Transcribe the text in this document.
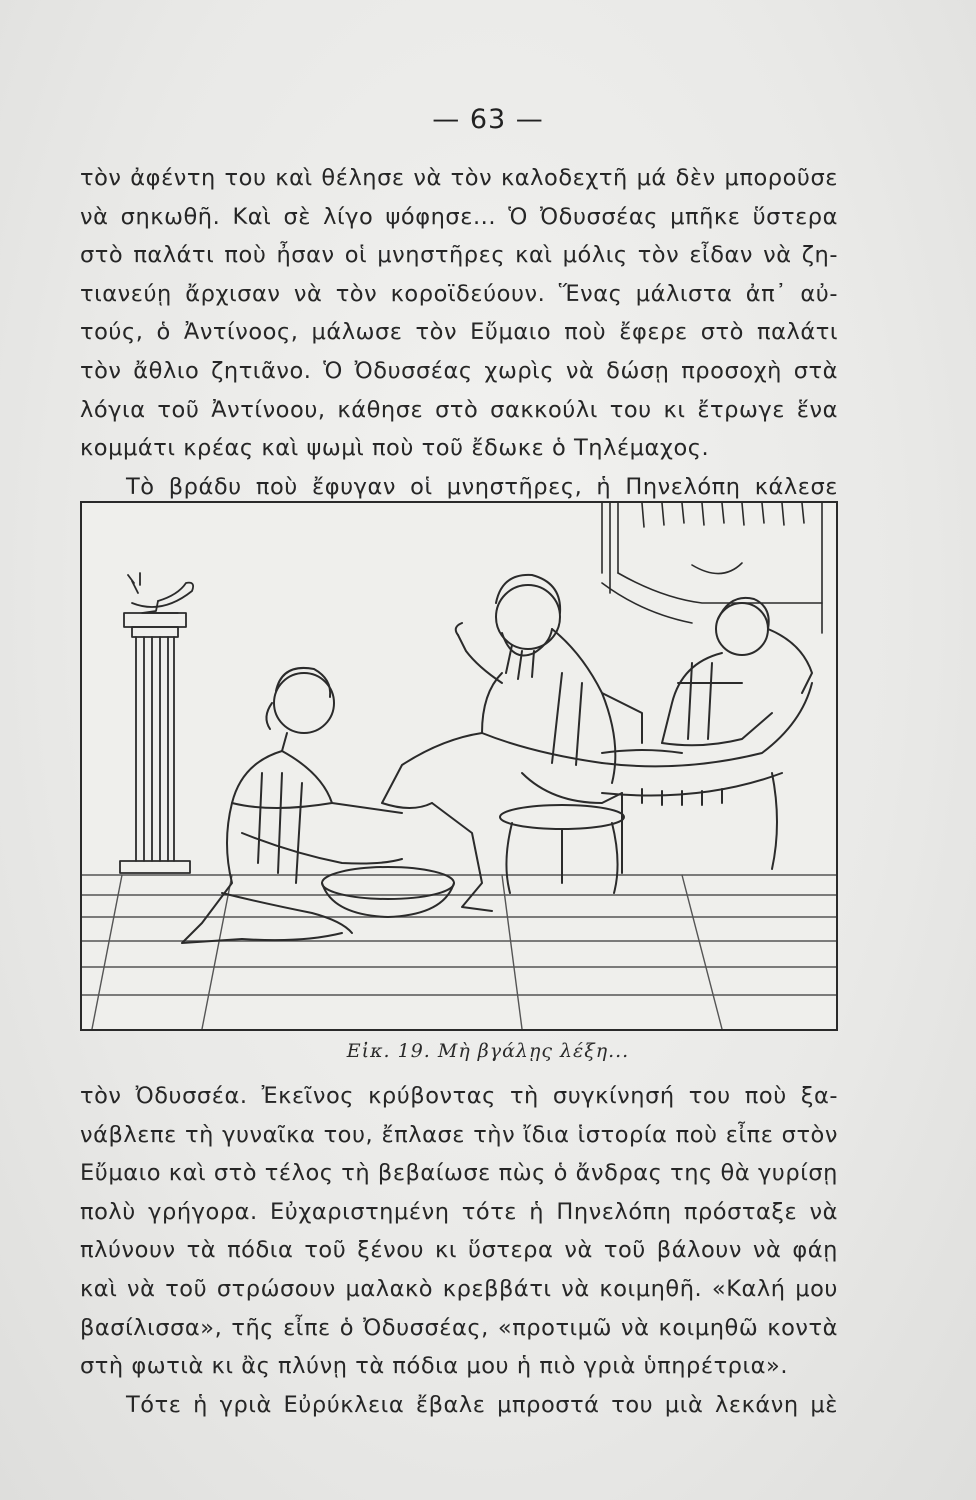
— 63 —

τὸν ἀφέντη του καὶ θέλησε νὰ τὸν καλοδεχτῆ μά δὲν μποροῦσε

νὰ σηκωθῆ. Καὶ σὲ λίγο ψόφησε... Ὁ Ὀδυσσέας μπῆκε ὕστερα

στὸ παλάτι ποὺ ἦσαν οἱ μνηστῆρες καὶ μόλις τὸν εἶδαν νὰ ζη-

τιανεύῃ ἄρχισαν νὰ τὸν κοροϊδεύουν. Ἕνας μάλιστα ἀπ᾽ αὐ-

τούς, ὁ Ἀντίνοος, μάλωσε τὸν Εὔμαιο ποὺ ἔφερε στὸ παλάτι

τὸν ἄθλιο ζητιᾶνο. Ὁ Ὀδυσσέας χωρὶς νὰ δώσῃ προσοχὴ στὰ

λόγια τοῦ Ἀντίνοου, κάθησε στὸ σακκούλι του κι ἔτρωγε ἕνα

κομμάτι κρέας καὶ ψωμὶ ποὺ τοῦ ἔδωκε ὁ Τηλέμαχος.

Τὸ βράδυ ποὺ ἔφυγαν οἱ μνηστῆρες, ἡ Πηνελόπη κάλεσε

Εἰκ. 19. Μὴ βγάλῃς λέξη...

τὸν Ὀδυσσέα. Ἐκεῖνος κρύβοντας τὴ συγκίνησή του ποὺ ξα-

νάβλεπε τὴ γυναῖκα του, ἔπλασε τὴν ἴδια ἱστορία ποὺ εἶπε στὸν

Εὔμαιο καὶ στὸ τέλος τὴ βεβαίωσε πὼς ὁ ἄνδρας της θὰ γυρίσῃ

πολὺ γρήγορα. Εὐχαριστημένη τότε ἡ Πηνελόπη πρόσταξε νὰ

πλύνουν τὰ πόδια τοῦ ξένου κι ὕστερα νὰ τοῦ βάλουν νὰ φάῃ

καὶ νὰ τοῦ στρώσουν μαλακὸ κρεββάτι νὰ κοιμηθῆ. «Καλή μου

βασίλισσα», τῆς εἶπε ὁ Ὀδυσσέας, «προτιμῶ νὰ κοιμηθῶ κοντὰ

στὴ φωτιὰ κι ἂς πλύνῃ τὰ πόδια μου ἡ πιὸ γριὰ ὑπηρέτρια».

Τότε ἡ γριὰ Εὐρύκλεια ἔβαλε μπροστά του μιὰ λεκάνη μὲ
